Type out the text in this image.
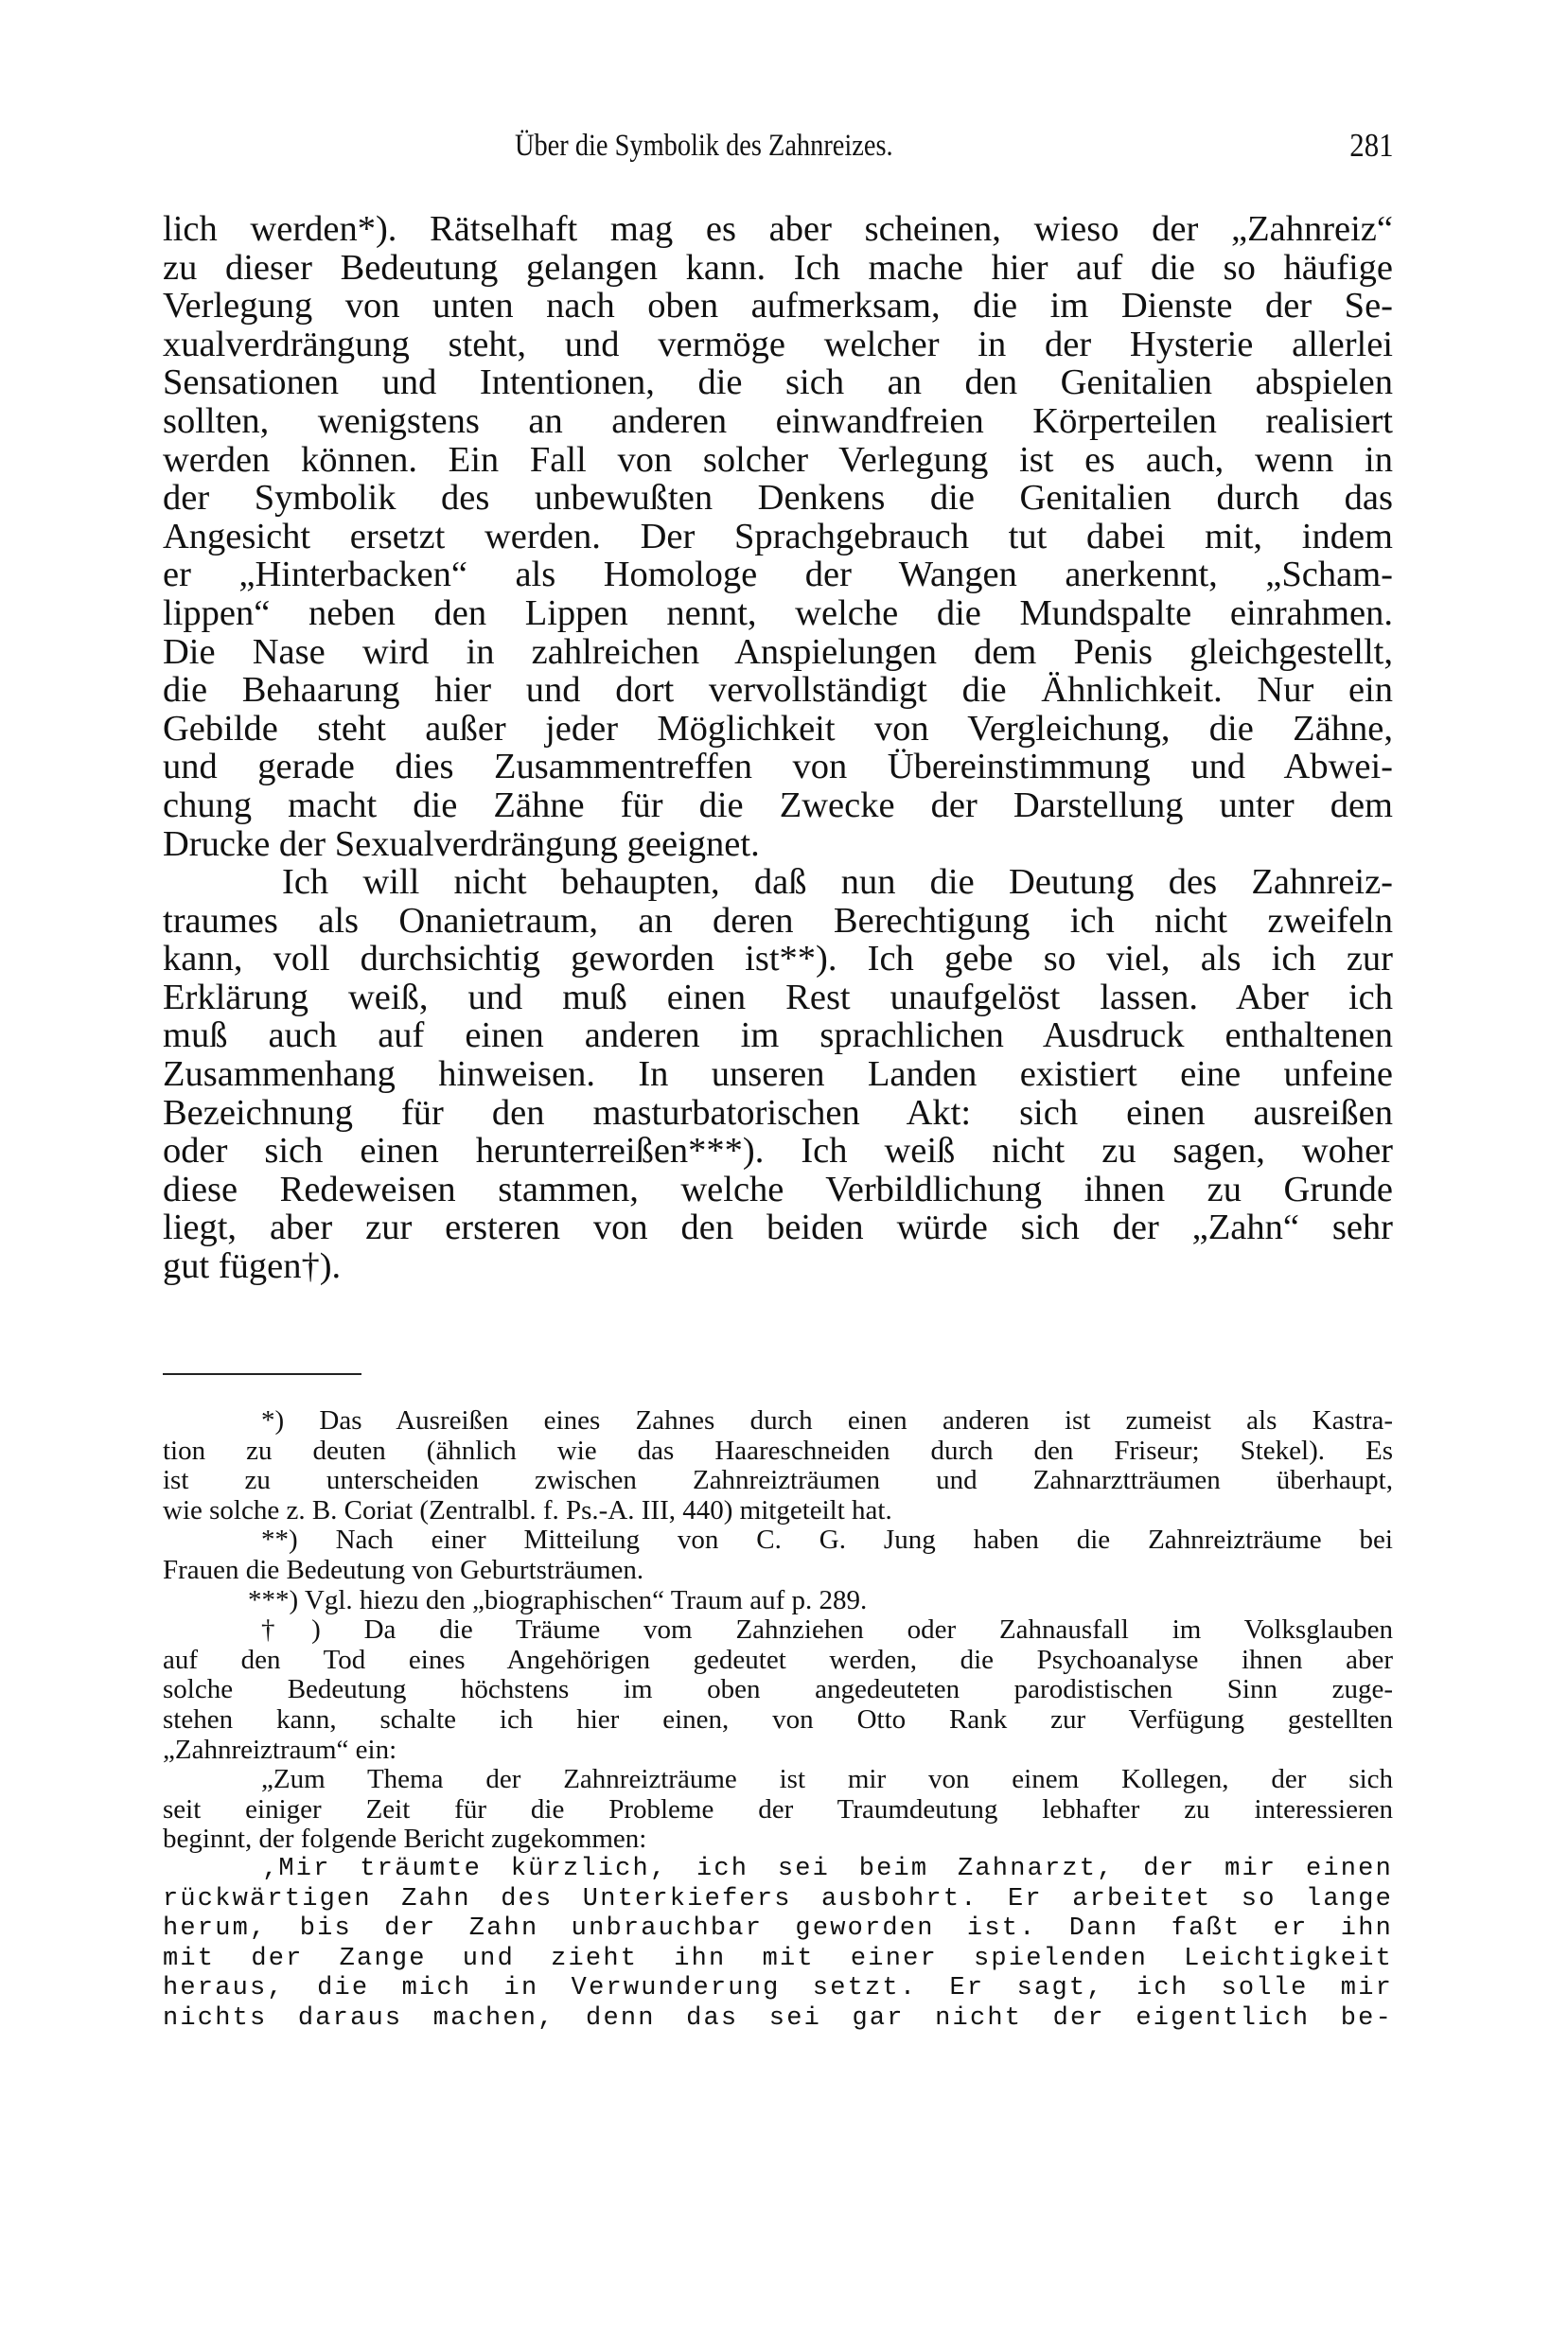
Über die Symbolik des Zahnreizes.	281
lich werden*). Rätselhaft mag es aber scheinen, wieso der „Zahnreiz“
zu dieser Bedeutung gelangen kann. Ich mache hier auf die so häufige
Verlegung von unten nach oben aufmerksam, die im Dienste der Se-
xualverdrängung steht, und vermöge welcher in der Hysterie allerlei
Sensationen und Intentionen, die sich an den Genitalien abspielen
sollten, wenigstens an anderen einwandfreien Körperteilen realisiert
werden können. Ein Fall von solcher Verlegung ist es auch, wenn in
der Symbolik des unbewußten Denkens die Genitalien durch das
Angesicht ersetzt werden. Der Sprachgebrauch tut dabei mit, indem
er „Hinterbacken“ als Homologe der Wangen anerkennt, „Scham-
lippen“ neben den Lippen nennt, welche die Mundspalte einrahmen.
Die Nase wird in zahlreichen Anspielungen dem Penis gleichgestellt,
die Behaarung hier und dort vervollständigt die Ähnlichkeit. Nur ein
Gebilde steht außer jeder Möglichkeit von Vergleichung, die Zähne,
und gerade dies Zusammentreffen von Übereinstimmung und Abwei-
chung macht die Zähne für die Zwecke der Darstellung unter dem
Drucke der Sexualverdrängung geeignet.
Ich will nicht behaupten, daß nun die Deutung des Zahnreiz-
traumes als Onanietraum, an deren Berechtigung ich nicht zweifeln
kann, voll durchsichtig geworden ist**). Ich gebe so viel, als ich zur
Erklärung weiß, und muß einen Rest unaufgelöst lassen. Aber ich
muß auch auf einen anderen im sprachlichen Ausdruck enthaltenen
Zusammenhang hinweisen. In unseren Landen existiert eine unfeine
Bezeichnung für den masturbatorischen Akt: sich einen ausreißen
oder sich einen herunterreißen***). Ich weiß nicht zu sagen, woher
diese Redeweisen stammen, welche Verbildlichung ihnen zu Grunde
liegt, aber zur ersteren von den beiden würde sich der „Zahn“ sehr
gut fügen†).
*) Das Ausreißen eines Zahnes durch einen anderen ist zumeist als Kastra-
tion zu deuten (ähnlich wie das Haareschneiden durch den Friseur; Stekel). Es
ist zu unterscheiden zwischen Zahnreizträumen und Zahnarztträumen überhaupt,
wie solche z. B. Coriat (Zentralbl. f. Ps.-A. III, 440) mitgeteilt hat.
**) Nach einer Mitteilung von C. G. Jung haben die Zahnreizträume bei
Frauen die Bedeutung von Geburtsträumen.
***) Vgl. hiezu den „biographischen“ Traum auf p. 289.
†) Da die Träume vom Zahnziehen oder Zahnausfall im Volksglauben
auf den Tod eines Angehörigen gedeutet werden, die Psychoanalyse ihnen aber
solche Bedeutung höchstens im oben angedeuteten parodistischen Sinn zuge-
stehen kann, schalte ich hier einen, von Otto Rank zur Verfügung gestellten
„Zahnreiztraum“ ein:
„Zum Thema der Zahnreizträume ist mir von einem Kollegen, der sich
seit einiger Zeit für die Probleme der Traumdeutung lebhafter zu interessieren
beginnt, der folgende Bericht zugekommen:
‚Mir träumte kürzlich, ich sei beim Zahnarzt, der mir einen
rückwärtigen Zahn des Unterkiefers ausbohrt. Er arbeitet so lange
herum, bis der Zahn unbrauchbar geworden ist. Dann faßt er ihn
mit der Zange und zieht ihn mit einer spielenden Leichtigkeit
heraus, die mich in Verwunderung setzt. Er sagt, ich solle mir
nichts daraus machen, denn das sei gar nicht der eigentlich be-
